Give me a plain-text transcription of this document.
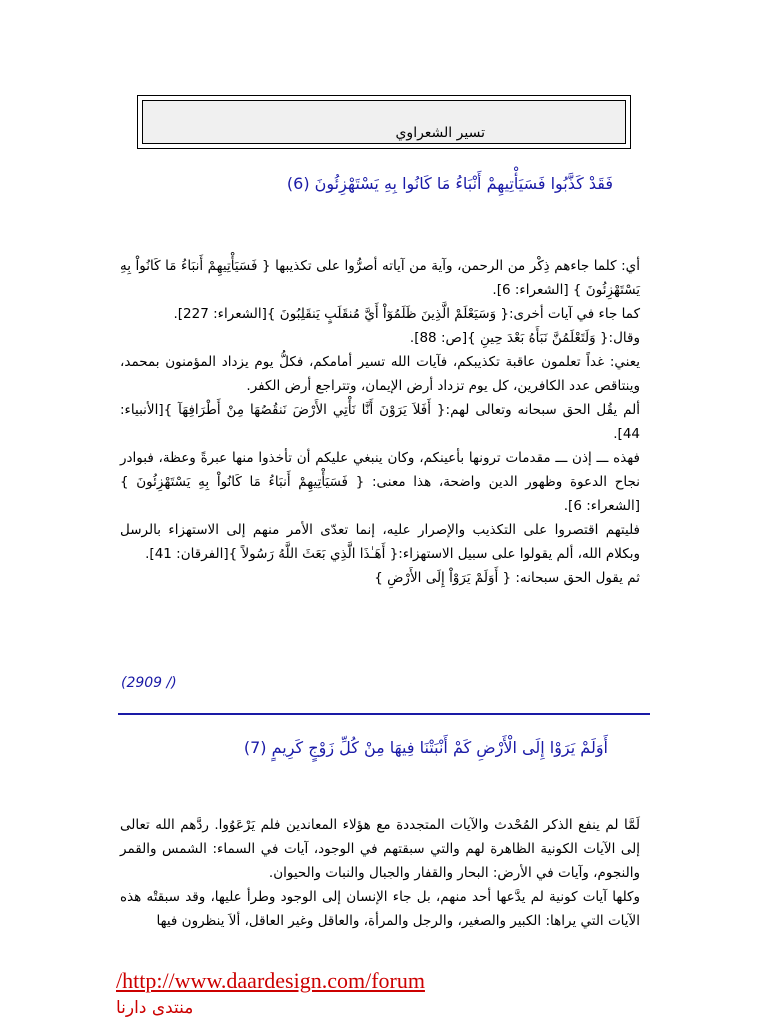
تسير الشعراوي
فَقَدْ كَذَّبُوا فَسَيَأْتِيهِمْ أَنْبَاءُ مَا كَانُوا بِهِ يَسْتَهْزِئُونَ (6)

أي: كلما جاءهم ذِكْر من الرحمن، وآية من آياته أصرُّوا على تكذيبها { فَسَيَأْتِيهِمْ أَنبَاءُ مَا كَانُواْ بِهِ يَسْتَهْزِئُونَ } [الشعراء: 6].

كما جاء في آيات أخرى:{ وَسَيَعْلَمْ الَّذِينَ ظَلَمُوٓاْ أَيَّ مُنقَلَبٍ يَنقَلِبُونَ }[الشعراء: 227].

وقال:{ وَلَتَعْلَمُنَّ نَبَأَهُ بَعْدَ حِينِ }[ص: 88].

يعني: غداً تعلمون عاقبة تكذيبكم، فآيات الله تسير أمامكم، فكلُّ يوم يزداد المؤمنون بمحمد، وينتاقص عدد الكافرين، كل يوم تزداد أرض الإيمان، وتتراجع أرض الكفر.

ألم يقُل الحق سبحانه وتعالى لهم:{ أَفَلاَ يَرَوْنَ أَنَّا نَأْتِي الأَرْضَ نَنقُصُهَا مِنْ أَطْرَافِهَآ }[الأنبياء: 44].

فهذه ـــ إذن ـــ مقدمات ترونها بأعينكم، وكان ينبغي عليكم أن تأخذوا منها عبرةً وعظة، فبوادر نجاح الدعوة وظهور الدين واضحة، هذا معنى: { فَسَيَأْتِيهِمْ أَنبَاءُ مَا كَانُواْ بِهِ يَسْتَهْزِئُونَ } [الشعراء: 6].

فليتهم اقتصروا على التكذيب والإصرار عليه، إنما تعدّى الأمر منهم إلى الاستهزاء بالرسل وبكلام الله، ألم يقولوا على سبيل الاستهزاء:{ أَهَـٰذَا الَّذِي بَعَثَ اللَّهُ رَسُولاً }[الفرقان: 41].

ثم يقول الحق سبحانه: { أَوَلَمْ يَرَوْاْ إِلَى الأَرْضِ }

(2909 /)
أَوَلَمْ يَرَوْا إِلَى الْأَرْضِ كَمْ أَنْبَتْنَا فِيهَا مِنْ كُلِّ زَوْجٍ كَرِيمٍ (7)

لَمَّا لم ينفع الذكر المُحْدث والآيات المتجددة مع هؤلاء المعاندين فلم يَرْعَوُوا. ردَّهم الله تعالى إلى الآيات الكونية الظاهرة لهم والتي سبقتهم في الوجود، آيات في السماء: الشمس والقمر والنجوم، وآيات في الأرض: البحار والقفار والجبال والنبات والحيوان.

وكلها آيات كونية لم يدَّعها أحد منهم، بل جاء الإنسان إلى الوجود وطرأ عليها، وقد سبقتْه هذه الآيات التي يراها: الكبير والصغير، والرجل والمرأة، والعاقل وغير العاقل، ألاَ ينظرون فيها

/http://www.daardesign.com/forum
منتدى دارنا
